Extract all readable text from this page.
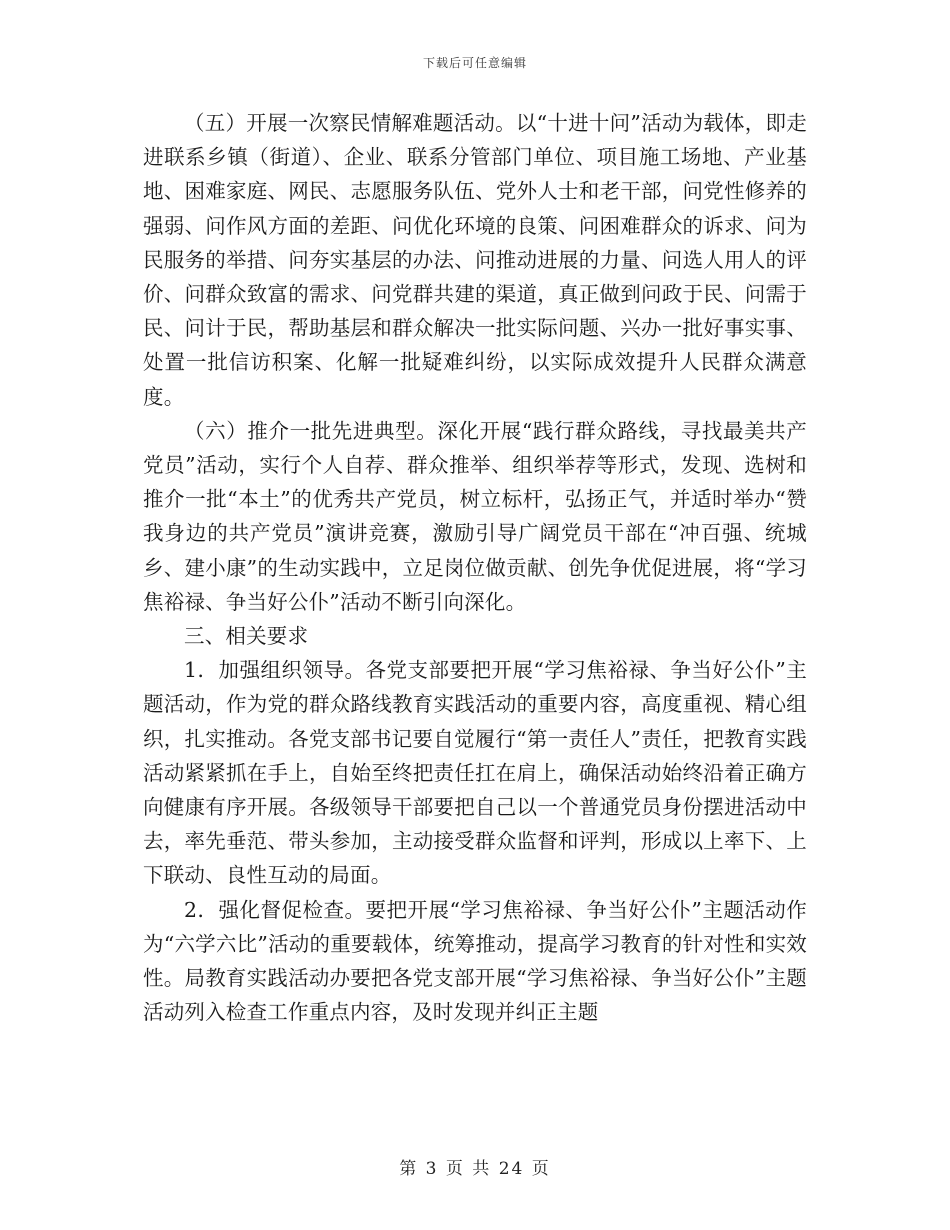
下载后可任意编辑

（五）开展一次察民情解难题活动。以“十进十问”活动为载体，即走进联系乡镇（街道）、企业、联系分管部门单位、项目施工场地、产业基地、困难家庭、网民、志愿服务队伍、党外人士和老干部，问党性修养的强弱、问作风方面的差距、问优化环境的良策、问困难群众的诉求、问为民服务的举措、问夯实基层的办法、问推动进展的力量、问选人用人的评价、问群众致富的需求、问党群共建的渠道，真正做到问政于民、问需于民、问计于民，帮助基层和群众解决一批实际问题、兴办一批好事实事、处置一批信访积案、化解一批疑难纠纷，以实际成效提升人民群众满意度。

（六）推介一批先进典型。深化开展“践行群众路线，寻找最美共产党员”活动，实行个人自荐、群众推举、组织举荐等形式，发现、选树和推介一批“本土”的优秀共产党员，树立标杆，弘扬正气，并适时举办“赞我身边的共产党员”演讲竞赛，激励引导广阔党员干部在“冲百强、统城乡、建小康”的生动实践中，立足岗位做贡献、创先争优促进展，将“学习焦裕禄、争当好公仆”活动不断引向深化。

三、相关要求

1．加强组织领导。各党支部要把开展“学习焦裕禄、争当好公仆”主题活动，作为党的群众路线教育实践活动的重要内容，高度重视、精心组织，扎实推动。各党支部书记要自觉履行“第一责任人”责任，把教育实践活动紧紧抓在手上，自始至终把责任扛在肩上，确保活动始终沿着正确方向健康有序开展。各级领导干部要把自己以一个普通党员身份摆进活动中去，率先垂范、带头参加，主动接受群众监督和评判，形成以上率下、上下联动、良性互动的局面。

2．强化督促检查。要把开展“学习焦裕禄、争当好公仆”主题活动作为“六学六比”活动的重要载体，统筹推动，提高学习教育的针对性和实效性。局教育实践活动办要把各党支部开展“学习焦裕禄、争当好公仆”主题活动列入检查工作重点内容，及时发现并纠正主题

第 3 页 共 24 页
